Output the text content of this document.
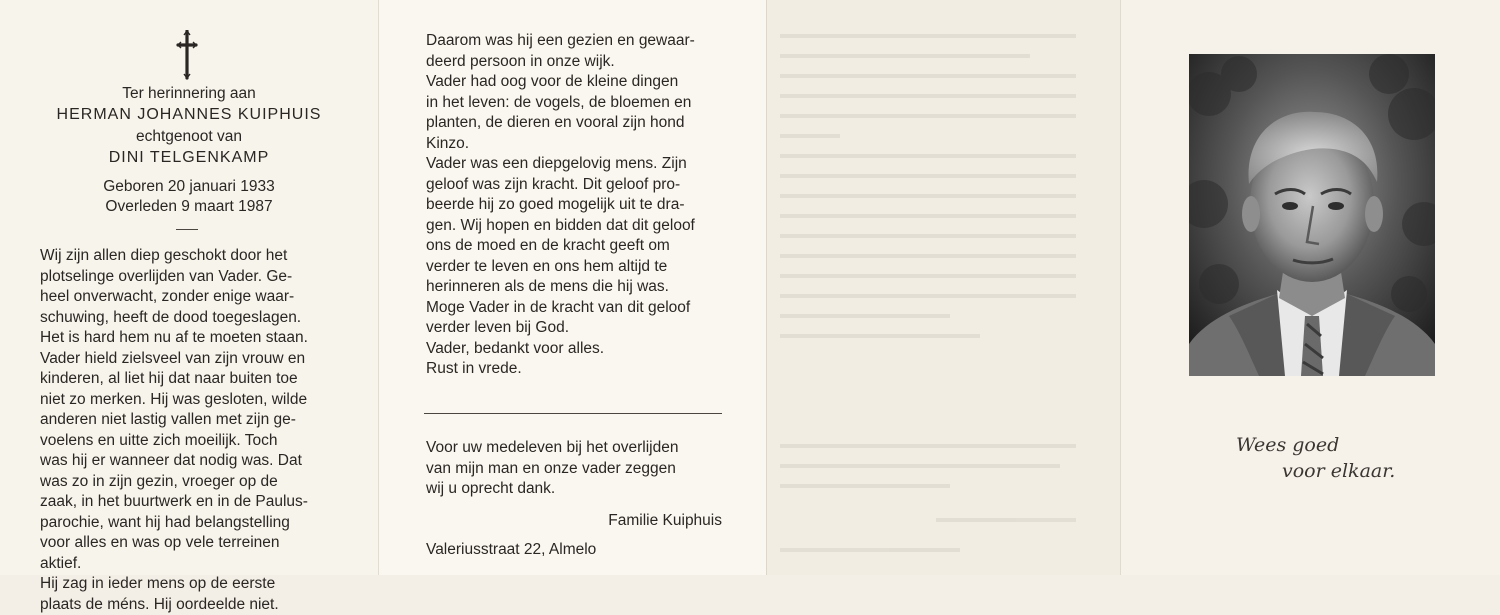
Ter herinnering aan
HERMAN JOHANNES KUIPHUIS
echtgenoot van
DINI TELGENKAMP
Geboren 20 januari 1933
Overleden 9 maart 1987

Wij zijn allen diep geschokt door het

plotselinge overlijden van Vader. Ge-

heel onverwacht, zonder enige waar-

schuwing, heeft de dood toegeslagen.

Het is hard hem nu af te moeten staan.

Vader hield zielsveel van zijn vrouw en

kinderen, al liet hij dat naar buiten toe

niet zo merken. Hij was gesloten, wilde

anderen niet lastig vallen met zijn ge-

voelens en uitte zich moeilijk. Toch

was hij er wanneer dat nodig was. Dat

was zo in zijn gezin, vroeger op de

zaak, in het buurtwerk en in de Paulus-

parochie, want hij had belangstelling

voor alles en was op vele terreinen

aktief.

Hij zag in ieder mens op de eerste

plaats de méns. Hij oordeelde niet.

Daarom was hij een gezien en gewaar-

deerd persoon in onze wijk.

Vader had oog voor de kleine dingen

in het leven: de vogels, de bloemen en

planten, de dieren en vooral zijn hond

Kinzo.

Vader was een diepgelovig mens. Zijn

geloof was zijn kracht. Dit geloof pro-

beerde hij zo goed mogelijk uit te dra-

gen. Wij hopen en bidden dat dit geloof

ons de moed en de kracht geeft om

verder te leven en ons hem altijd te

herinneren als de mens die hij was.

Moge Vader in de kracht van dit geloof

verder leven bij God.

Vader, bedankt voor alles.

Rust in vrede.

Voor uw medeleven bij het overlijden

van mijn man en onze vader zeggen

wij u oprecht dank.

Familie Kuiphuis
Valeriusstraat 22, Almelo
Wees goed
voor elkaar.
